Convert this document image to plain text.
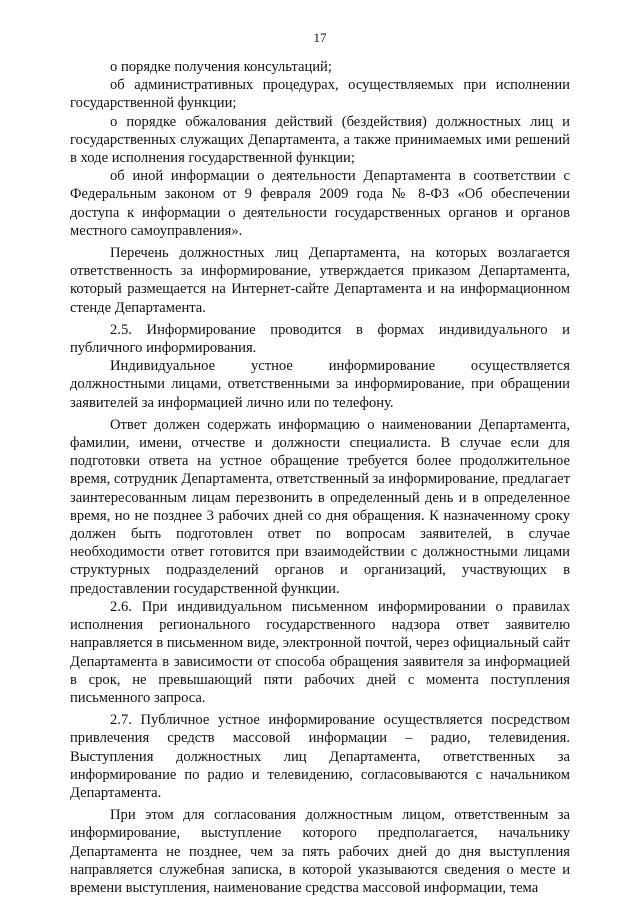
17

о порядке получения консультаций;

об административных процедурах, осуществляемых при исполнении государственной функции;

о порядке обжалования действий (бездействия) должностных лиц и государственных служащих Департамента, а также принимаемых ими решений в ходе исполнения государственной функции;

об иной информации о деятельности Департамента в соответствии с Федеральным законом от 9 февраля 2009 года № 8-ФЗ «Об обеспечении доступа к информации о деятельности государственных органов и органов местного самоуправления».

Перечень должностных лиц Департамента, на которых возлагается ответственность за информирование, утверждается приказом Департамента, который размещается на Интернет-сайте Департамента и на информационном стенде Департамента.

2.5. Информирование проводится в формах индивидуального и публичного информирования.

Индивидуальное устное информирование осуществляется должностными лицами, ответственными за информирование, при обращении заявителей за информацией лично или по телефону.

Ответ должен содержать информацию о наименовании Департамента, фамилии, имени, отчестве и должности специалиста. В случае если для подготовки ответа на устное обращение требуется более продолжительное время, сотрудник Департамента, ответственный за информирование, предлагает заинтересованным лицам перезвонить в определенный день и в определенное время, но не позднее 3 рабочих дней со дня обращения. К назначенному сроку должен быть подготовлен ответ по вопросам заявителей, в случае необходимости ответ готовится при взаимодействии с должностными лицами структурных подразделений органов и организаций, участвующих в предоставлении государственной функции.

2.6. При индивидуальном письменном информировании о правилах исполнения регионального государственного надзора ответ заявителю направляется в письменном виде, электронной почтой, через официальный сайт Департамента в зависимости от способа обращения заявителя за информацией в срок, не превышающий пяти рабочих дней с момента поступления письменного запроса.

2.7. Публичное устное информирование осуществляется посредством привлечения средств массовой информации – радио, телевидения. Выступления должностных лиц Департамента, ответственных за информирование по радио и телевидению, согласовываются с начальником Департамента.

При этом для согласования должностным лицом, ответственным за информирование, выступление которого предполагается, начальнику Департамента не позднее, чем за пять рабочих дней до дня выступления направляется служебная записка, в которой указываются сведения о месте и времени выступления, наименование средства массовой информации, тема
